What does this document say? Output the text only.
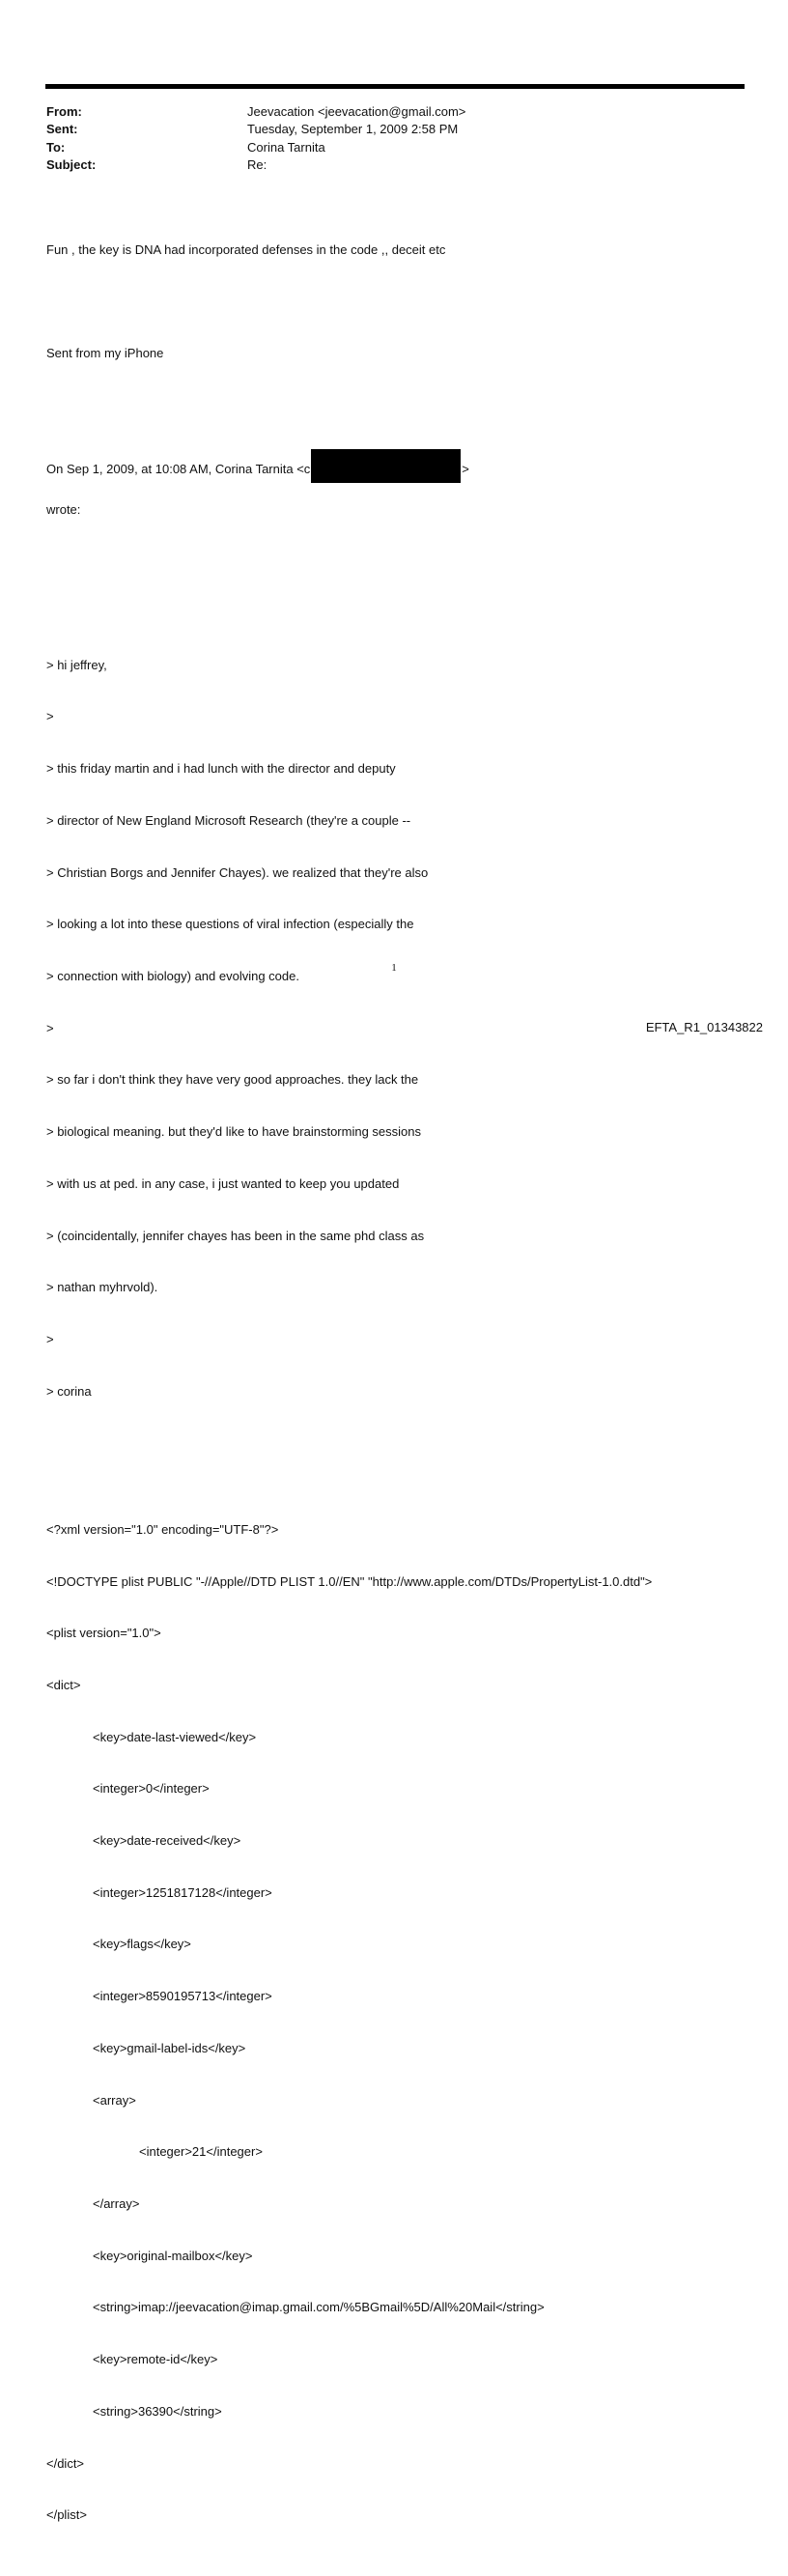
From:	Jeevacation <jeevacation@gmail.com>
Sent:	Tuesday, September 1, 2009 2:58 PM
To:	Corina Tarnita
Subject:	Re:

Fun , the key is DNA had incorporated defenses in the code ,, deceit etc

Sent from my iPhone

On Sep 1, 2009, at 10:08 AM, Corina Tarnita <c	>

wrote:

> hi jeffrey,

>

> this friday martin and i had lunch with the director and deputy

> director of New England Microsoft Research (they're a couple --

> Christian Borgs and Jennifer Chayes). we realized that they're also

> looking a lot into these questions of viral infection (especially the

> connection with biology) and evolving code.

>

> so far i don't think they have very good approaches. they lack the

> biological meaning. but they'd like to have brainstorming sessions

> with us at ped. in any case, i just wanted to keep you updated

> (coincidentally, jennifer chayes has been in the same phd class as

> nathan myhrvold).

>

> corina

<?xml version="1.0" encoding="UTF-8"?>

<!DOCTYPE plist PUBLIC "-//Apple//DTD PLIST 1.0//EN" "http://www.apple.com/DTDs/PropertyList-1.0.dtd">

<plist version="1.0">

<dict>

<key>date-last-viewed</key>

<integer>0</integer>

<key>date-received</key>

<integer>1251817128</integer>

<key>flags</key>

<integer>8590195713</integer>

<key>gmail-label-ids</key>

<array>

<integer>21</integer>

</array>

<key>original-mailbox</key>

<string>imap://jeevacation@imap.gmail.com/%5BGmail%5D/All%20Mail</string>

<key>remote-id</key>

<string>36390</string>

</dict>

</plist>

1
EFTA_R1_01343822
